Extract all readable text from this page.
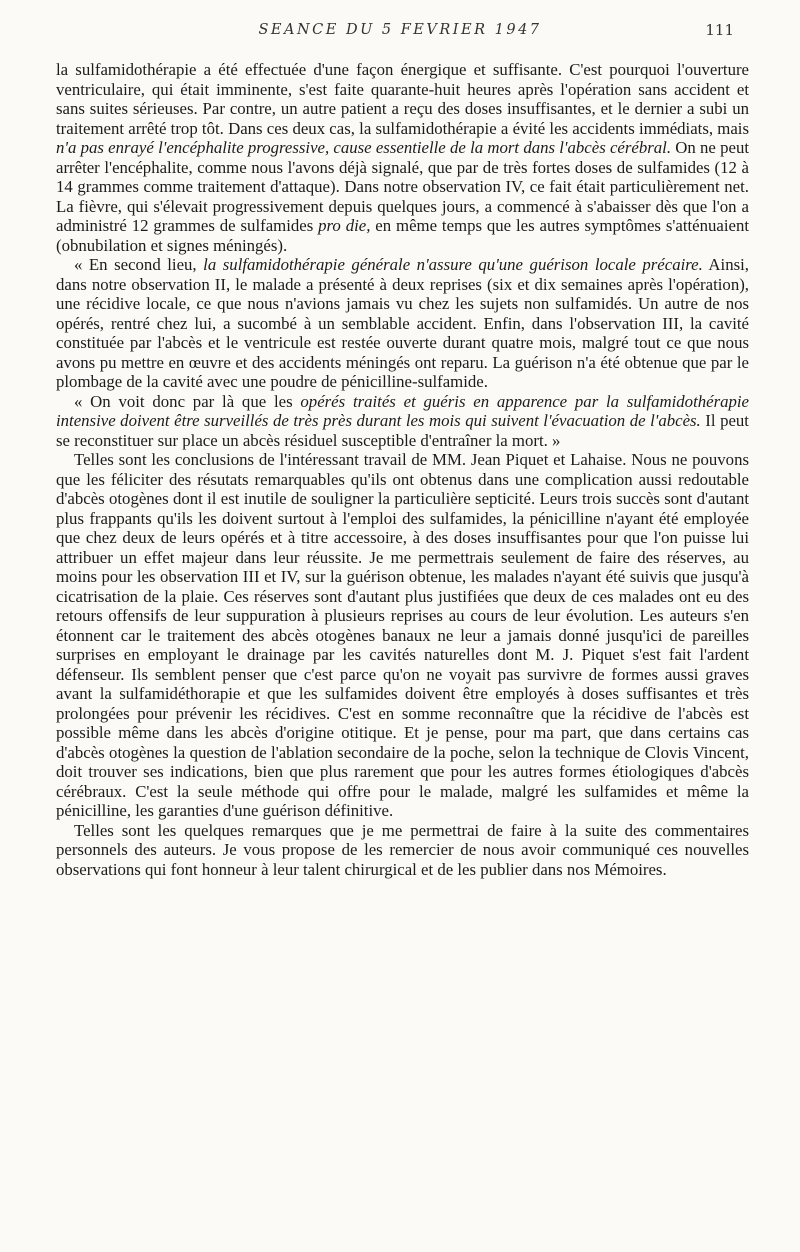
SEANCE DU 5 FEVRIER 1947	111

la sulfamidothérapie a été effectuée d'une façon énergique et suffisante. C'est pourquoi l'ouverture ventriculaire, qui était imminente, s'est faite quarante-huit heures après l'opération sans accident et sans suites sérieuses. Par contre, un autre patient a reçu des doses insuffisantes, et le dernier a subi un traitement arrêté trop tôt. Dans ces deux cas, la sulfamidothérapie a évité les accidents immédiats, mais n'a pas enrayé l'encéphalite progressive, cause essentielle de la mort dans l'abcès cérébral. On ne peut arrêter l'encéphalite, comme nous l'avons déjà signalé, que par de très fortes doses de sulfamides (12 à 14 grammes comme traitement d'attaque). Dans notre observation IV, ce fait était particulièrement net. La fièvre, qui s'élevait progressivement depuis quelques jours, a commencé à s'abaisser dès que l'on a administré 12 grammes de sulfamides pro die, en même temps que les autres symptômes s'atténuaient (obnubilation et signes méningés).

« En second lieu, la sulfamidothérapie générale n'assure qu'une guérison locale précaire. Ainsi, dans notre observation II, le malade a présenté à deux reprises (six et dix semaines après l'opération), une récidive locale, ce que nous n'avions jamais vu chez les sujets non sulfamidés. Un autre de nos opérés, rentré chez lui, a sucombé à un semblable accident. Enfin, dans l'observation III, la cavité constituée par l'abcès et le ventricule est restée ouverte durant quatre mois, malgré tout ce que nous avons pu mettre en œuvre et des accidents méningés ont reparu. La guérison n'a été obtenue que par le plombage de la cavité avec une poudre de pénicilline-sulfamide.

« On voit donc par là que les opérés traités et guéris en apparence par la sulfamidothérapie intensive doivent être surveillés de très près durant les mois qui suivent l'évacuation de l'abcès. Il peut se reconstituer sur place un abcès résiduel susceptible d'entraîner la mort. »

Telles sont les conclusions de l'intéressant travail de MM. Jean Piquet et Lahaise. Nous ne pouvons que les féliciter des résutats remarquables qu'ils ont obtenus dans une complication aussi redoutable d'abcès otogènes dont il est inutile de souligner la particulière septicité. Leurs trois succès sont d'autant plus frappants qu'ils les doivent surtout à l'emploi des sulfamides, la pénicilline n'ayant été employée que chez deux de leurs opérés et à titre accessoire, à des doses insuffisantes pour que l'on puisse lui attribuer un effet majeur dans leur réussite. Je me permettrais seulement de faire des réserves, au moins pour les observation III et IV, sur la guérison obtenue, les malades n'ayant été suivis que jusqu'à cicatrisation de la plaie. Ces réserves sont d'autant plus justifiées que deux de ces malades ont eu des retours offensifs de leur suppuration à plusieurs reprises au cours de leur évolution. Les auteurs s'en étonnent car le traitement des abcès otogènes banaux ne leur a jamais donné jusqu'ici de pareilles surprises en employant le drainage par les cavités naturelles dont M. J. Piquet s'est fait l'ardent défenseur. Ils semblent penser que c'est parce qu'on ne voyait pas survivre de formes aussi graves avant la sulfamidéthorapie et que les sulfamides doivent être employés à doses suffisantes et très prolongées pour prévenir les récidives. C'est en somme reconnaître que la récidive de l'abcès est possible même dans les abcès d'origine otitique. Et je pense, pour ma part, que dans certains cas d'abcès otogènes la question de l'ablation secondaire de la poche, selon la technique de Clovis Vincent, doit trouver ses indications, bien que plus rarement que pour les autres formes étiologiques d'abcès cérébraux. C'est la seule méthode qui offre pour le malade, malgré les sulfamides et même la pénicilline, les garanties d'une guérison définitive.

Telles sont les quelques remarques que je me permettrai de faire à la suite des commentaires personnels des auteurs. Je vous propose de les remercier de nous avoir communiqué ces nouvelles observations qui font honneur à leur talent chirurgical et de les publier dans nos Mémoires.
